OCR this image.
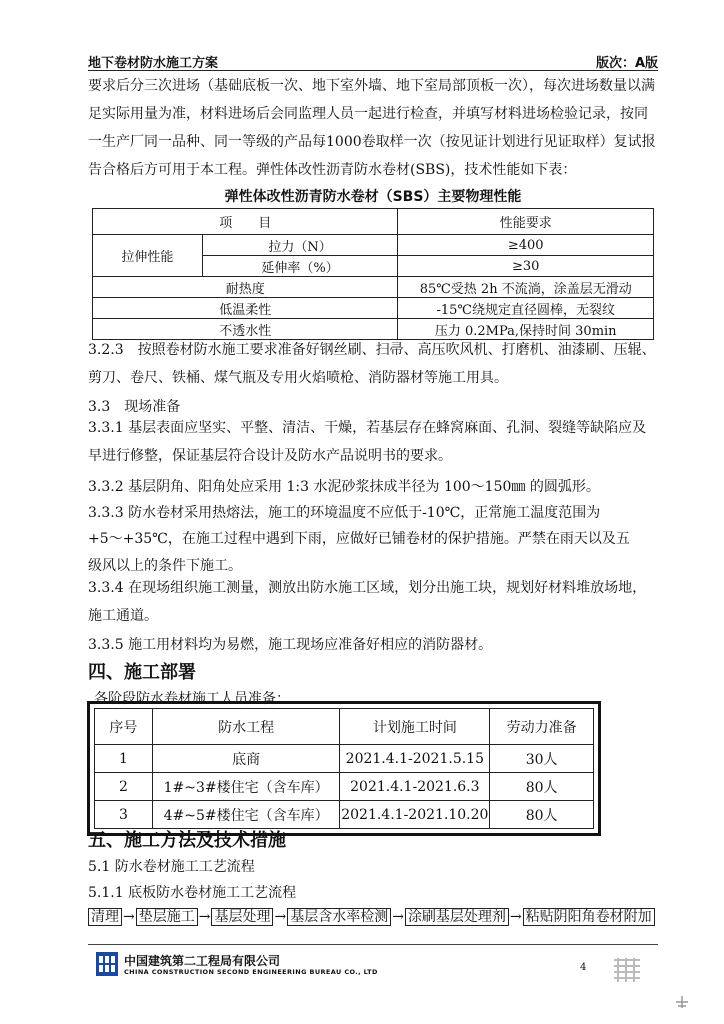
地下卷材防水施工方案	版次：A版

要求后分三次进场（基础底板一次、地下室外墙、地下室局部顶板一次），每次进场数量以满足实际用量为准，材料进场后会同监理人员一起进行检查，并填写材料进场检验记录，按同一生产厂同一品种、同一等级的产品每1000卷取样一次（按见证计划进行见证取样）复试报告合格后方可用于本工程。弹性体改性沥青防水卷材(SBS)，技术性能如下表：

弹性体改性沥青防水卷材（SBS）主要物理性能
项　　目		性能要求
拉伸性能	拉力（N）	≥400
	延伸率（%）	≥30
耐热度		85℃受热 2h 不流淌，涂盖层无滑动
低温柔性		-15℃绕规定直径圆棒，无裂纹
不透水性		压力 0.2MPa,保持时间 30min

3.2.3　按照卷材防水施工要求准备好钢丝刷、扫帚、高压吹风机、打磨机、油漆刷、压辊、剪刀、卷尺、铁桶、煤气瓶及专用火焰喷枪、消防器材等施工用具。

3.3　现场准备

3.3.1 基层表面应坚实、平整、清洁、干燥，若基层存在蜂窝麻面、孔洞、裂缝等缺陷应及早进行修整，保证基层符合设计及防水产品说明书的要求。

3.3.2 基层阴角、阳角处应采用 1:3 水泥砂浆抹成半径为 100～150㎜ 的圆弧形。
3.3.3 防水卷材采用热熔法，施工的环境温度不应低于-10℃，正常施工温度范围为
+5～+35℃，在施工过程中遇到下雨，应做好已铺卷材的保护措施。严禁在雨天以及五
级风以上的条件下施工。

3.3.4 在现场组织施工测量，测放出防水施工区域，划分出施工块，规划好材料堆放场地，施工通道。

3.3.5 施工用材料均为易燃，施工现场应准备好相应的消防器材。
四、施工部署
各阶段防水卷材施工人员准备：
序号	防水工程	计划施工时间	劳动力准备
1	底商	2021.4.1-2021.5.15	30人
2	1#~3#楼住宅（含车库）	2021.4.1-2021.6.3	80人
3	4#~5#楼住宅（含车库）	2021.4.1-2021.10.20	80人
五、施工方法及技术措施
5.1 防水卷材施工工艺流程
5.1.1 底板防水卷材施工工艺流程
清理 → 垫层施工 → 基层处理 → 基层含水率检测 → 涂刷基层处理剂 → 粘贴阴阳角卷材附加
中国建筑第二工程局有限公司
CHINA CONSTRUCTION SECOND ENGINEERING BUREAU CO., LTD	4
